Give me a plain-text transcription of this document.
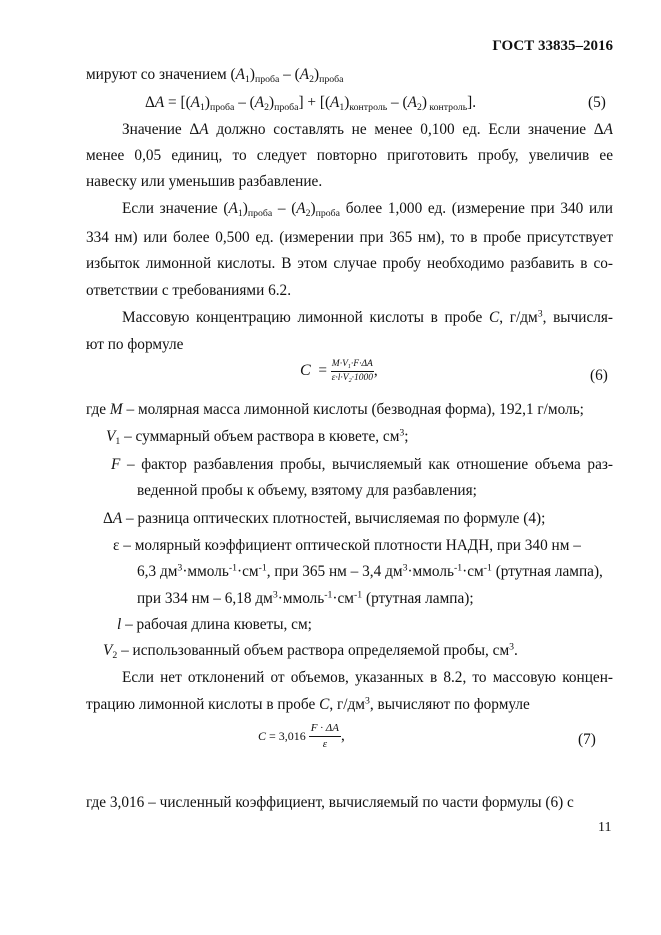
ГОСТ 33835–2016
мируют со значением $(A_1)_{проба} - (A_2)_{проба}$
$\Delta A = [(A_1)_{проба} - (A_2)_{проба}] + [(A_1)_{контроль} - (A_2)$ $_{контроль}$].	(5)
Значение ΔA должно составлять не менее 0,100 ед. Если значение ΔA
менее 0,05 единиц, то следует повторно приготовить пробу, увеличив ее
навеску или уменьшив разбавление.
Если значение $(A_1)_{проба} - (A_2)_{проба}$ более 1,000 ед. (измерение при 340 или
334 нм) или более 0,500 ед. (измерении при 365 нм), то в пробе присутствует
избыток лимонной кислоты. В этом случае пробу необходимо разбавить в со-
ответствии с требованиями 6.2.
Массовую концентрацию лимонной кислоты в пробе C, $г/дм^3$, вычисля-
ют по формуле
$C = \frac{M\cdot V_1\cdot F\cdot\Delta A}{\varepsilon\cdot l\cdot V_2\cdot 1000}$ ,	(6)
где M – молярная масса лимонной кислоты (безводная форма), 192,1 г/моль;
$V_1$ – суммарный объем раствора в кювете, $см^3$;
F – фактор разбавления пробы, вычисляемый как отношение объема раз-
веденной пробы к объему, взятому для разбавления;
ΔA – разница оптических плотностей, вычисляемая по формуле (4);
ε – молярный коэффициент оптической плотности НАДН, при 340 нм –
6,3 $дм^3\cdot ммоль^{-1}\cdot см^{-1}$, при 365 нм – 3,4 $дм^3\cdot ммоль^{-1}\cdot см^{-1}$ (ртутная лампа),
при 334 нм – 6,18 $дм^3\cdot ммоль^{-1}\cdot см^{-1}$ (ртутная лампа);
l – рабочая длина кюветы, см;
$V_2$ – использованный объем раствора определяемой пробы, $см^3$.
Если нет отклонений от объемов, указанных в 8.2, то массовую концен-
трацию лимонной кислоты в пробе C, $г/дм^3$, вычисляют по формуле
$C = 3,016 \frac{F \cdot \Delta A}{\varepsilon}$ ,	(7)
где 3,016 – численный коэффициент, вычисляемый по части формулы (6) с
11
